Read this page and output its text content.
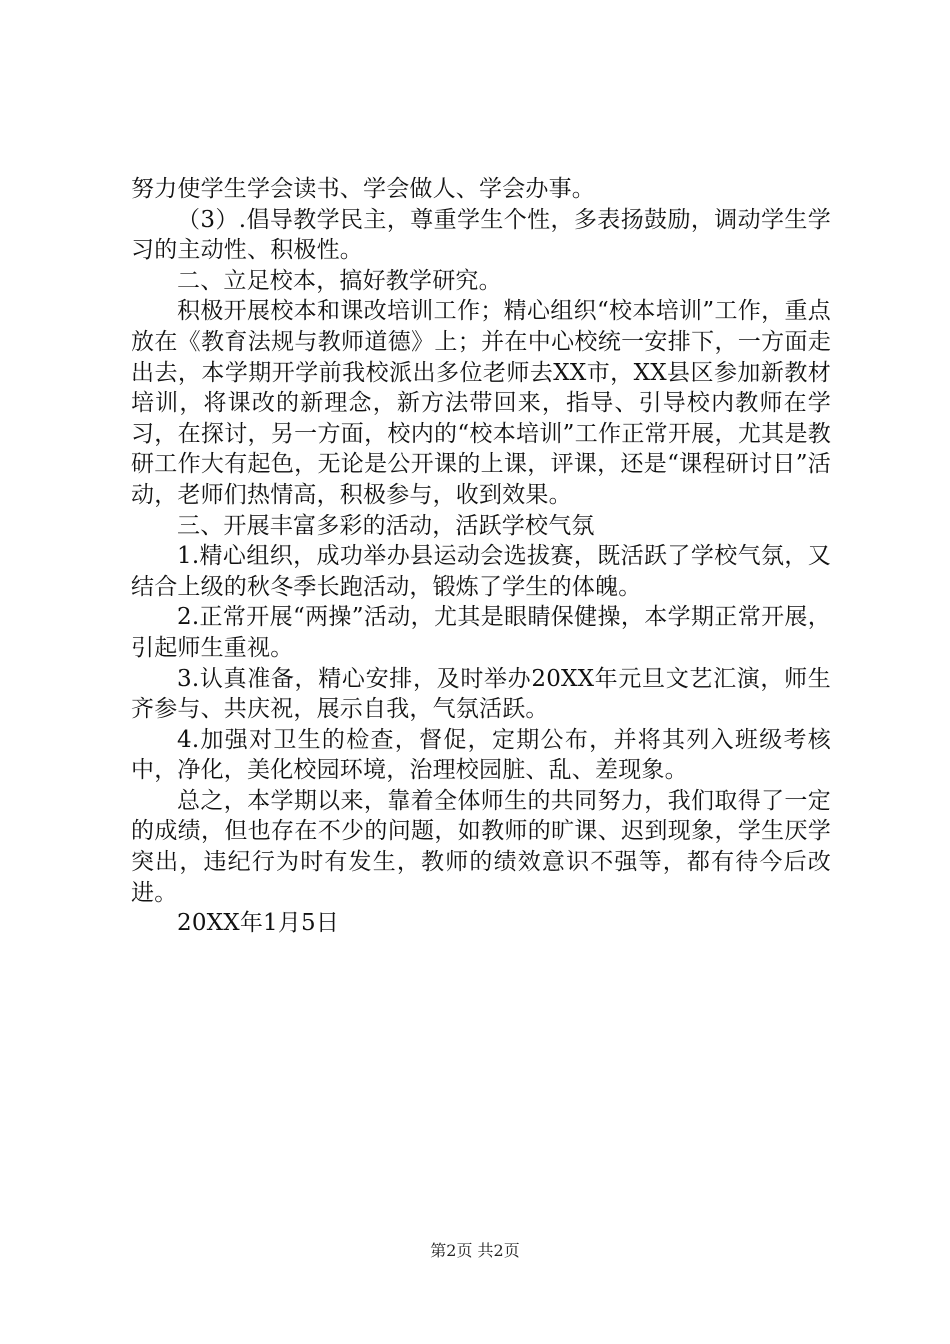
努力使学生学会读书、学会做人、学会办事。

（3）.倡导教学民主，尊重学生个性，多表扬鼓励，调动学生学习的主动性、积极性。

二、立足校本，搞好教学研究。

积极开展校本和课改培训工作；精心组织“校本培训”工作，重点放在《教育法规与教师道德》上；并在中心校统一安排下，一方面走出去，本学期开学前我校派出多位老师去XX市，XX县区参加新教材培训，将课改的新理念，新方法带回来，指导、引导校内教师在学习，在探讨，另一方面，校内的“校本培训”工作正常开展，尤其是教研工作大有起色，无论是公开课的上课，评课，还是“课程研讨日”活动，老师们热情高，积极参与，收到效果。

三、开展丰富多彩的活动，活跃学校气氛

1.精心组织，成功举办县运动会选拔赛，既活跃了学校气氛，又结合上级的秋冬季长跑活动，锻炼了学生的体魄。

2.正常开展“两操”活动，尤其是眼睛保健操，本学期正常开展，引起师生重视。

3.认真准备，精心安排，及时举办20XX年元旦文艺汇演，师生齐参与、共庆祝，展示自我，气氛活跃。

4.加强对卫生的检查，督促，定期公布，并将其列入班级考核中，净化，美化校园环境，治理校园脏、乱、差现象。

总之，本学期以来，靠着全体师生的共同努力，我们取得了一定的成绩，但也存在不少的问题，如教师的旷课、迟到现象，学生厌学突出，违纪行为时有发生，教师的绩效意识不强等，都有待今后改进。

20XX年1月5日

第2页 共2页
